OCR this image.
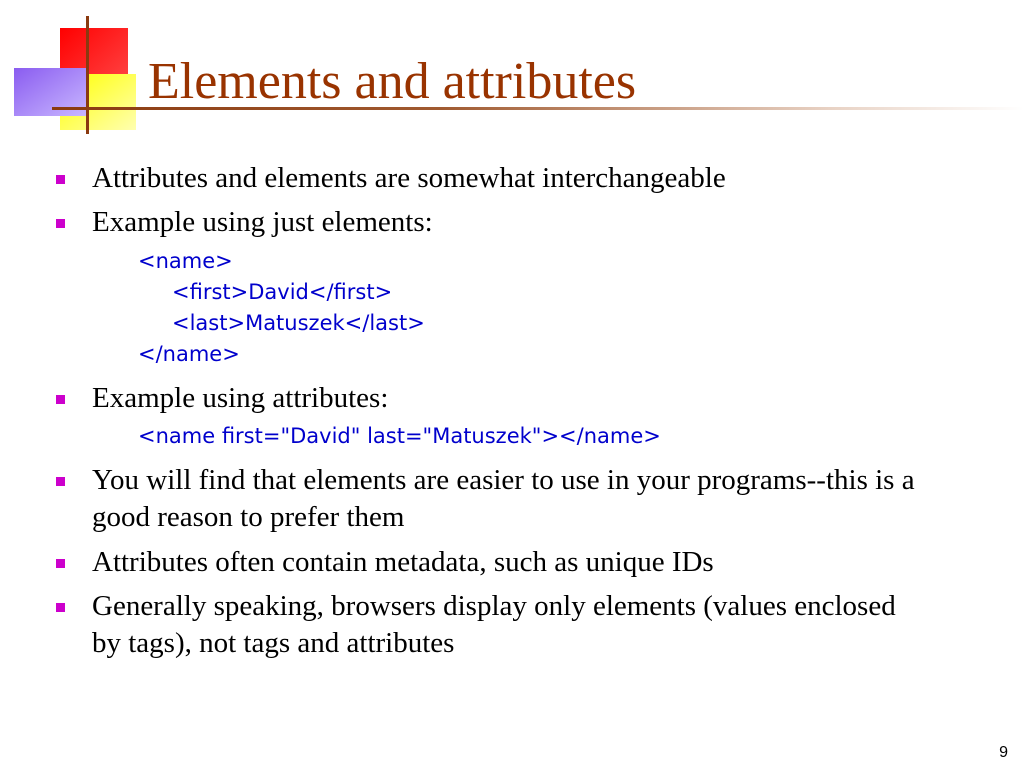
Elements and attributes
Attributes and elements are somewhat interchangeable
Example using just elements:
<name>
<first>David</first>
<last>Matuszek</last>
</name>
Example using attributes:
<name first="David" last="Matuszek"></name>
You will find that elements are easier to use in your programs--this is a good reason to prefer them
Attributes often contain metadata, such as unique IDs
Generally speaking, browsers display only elements (values enclosed by tags), not tags and attributes
9
